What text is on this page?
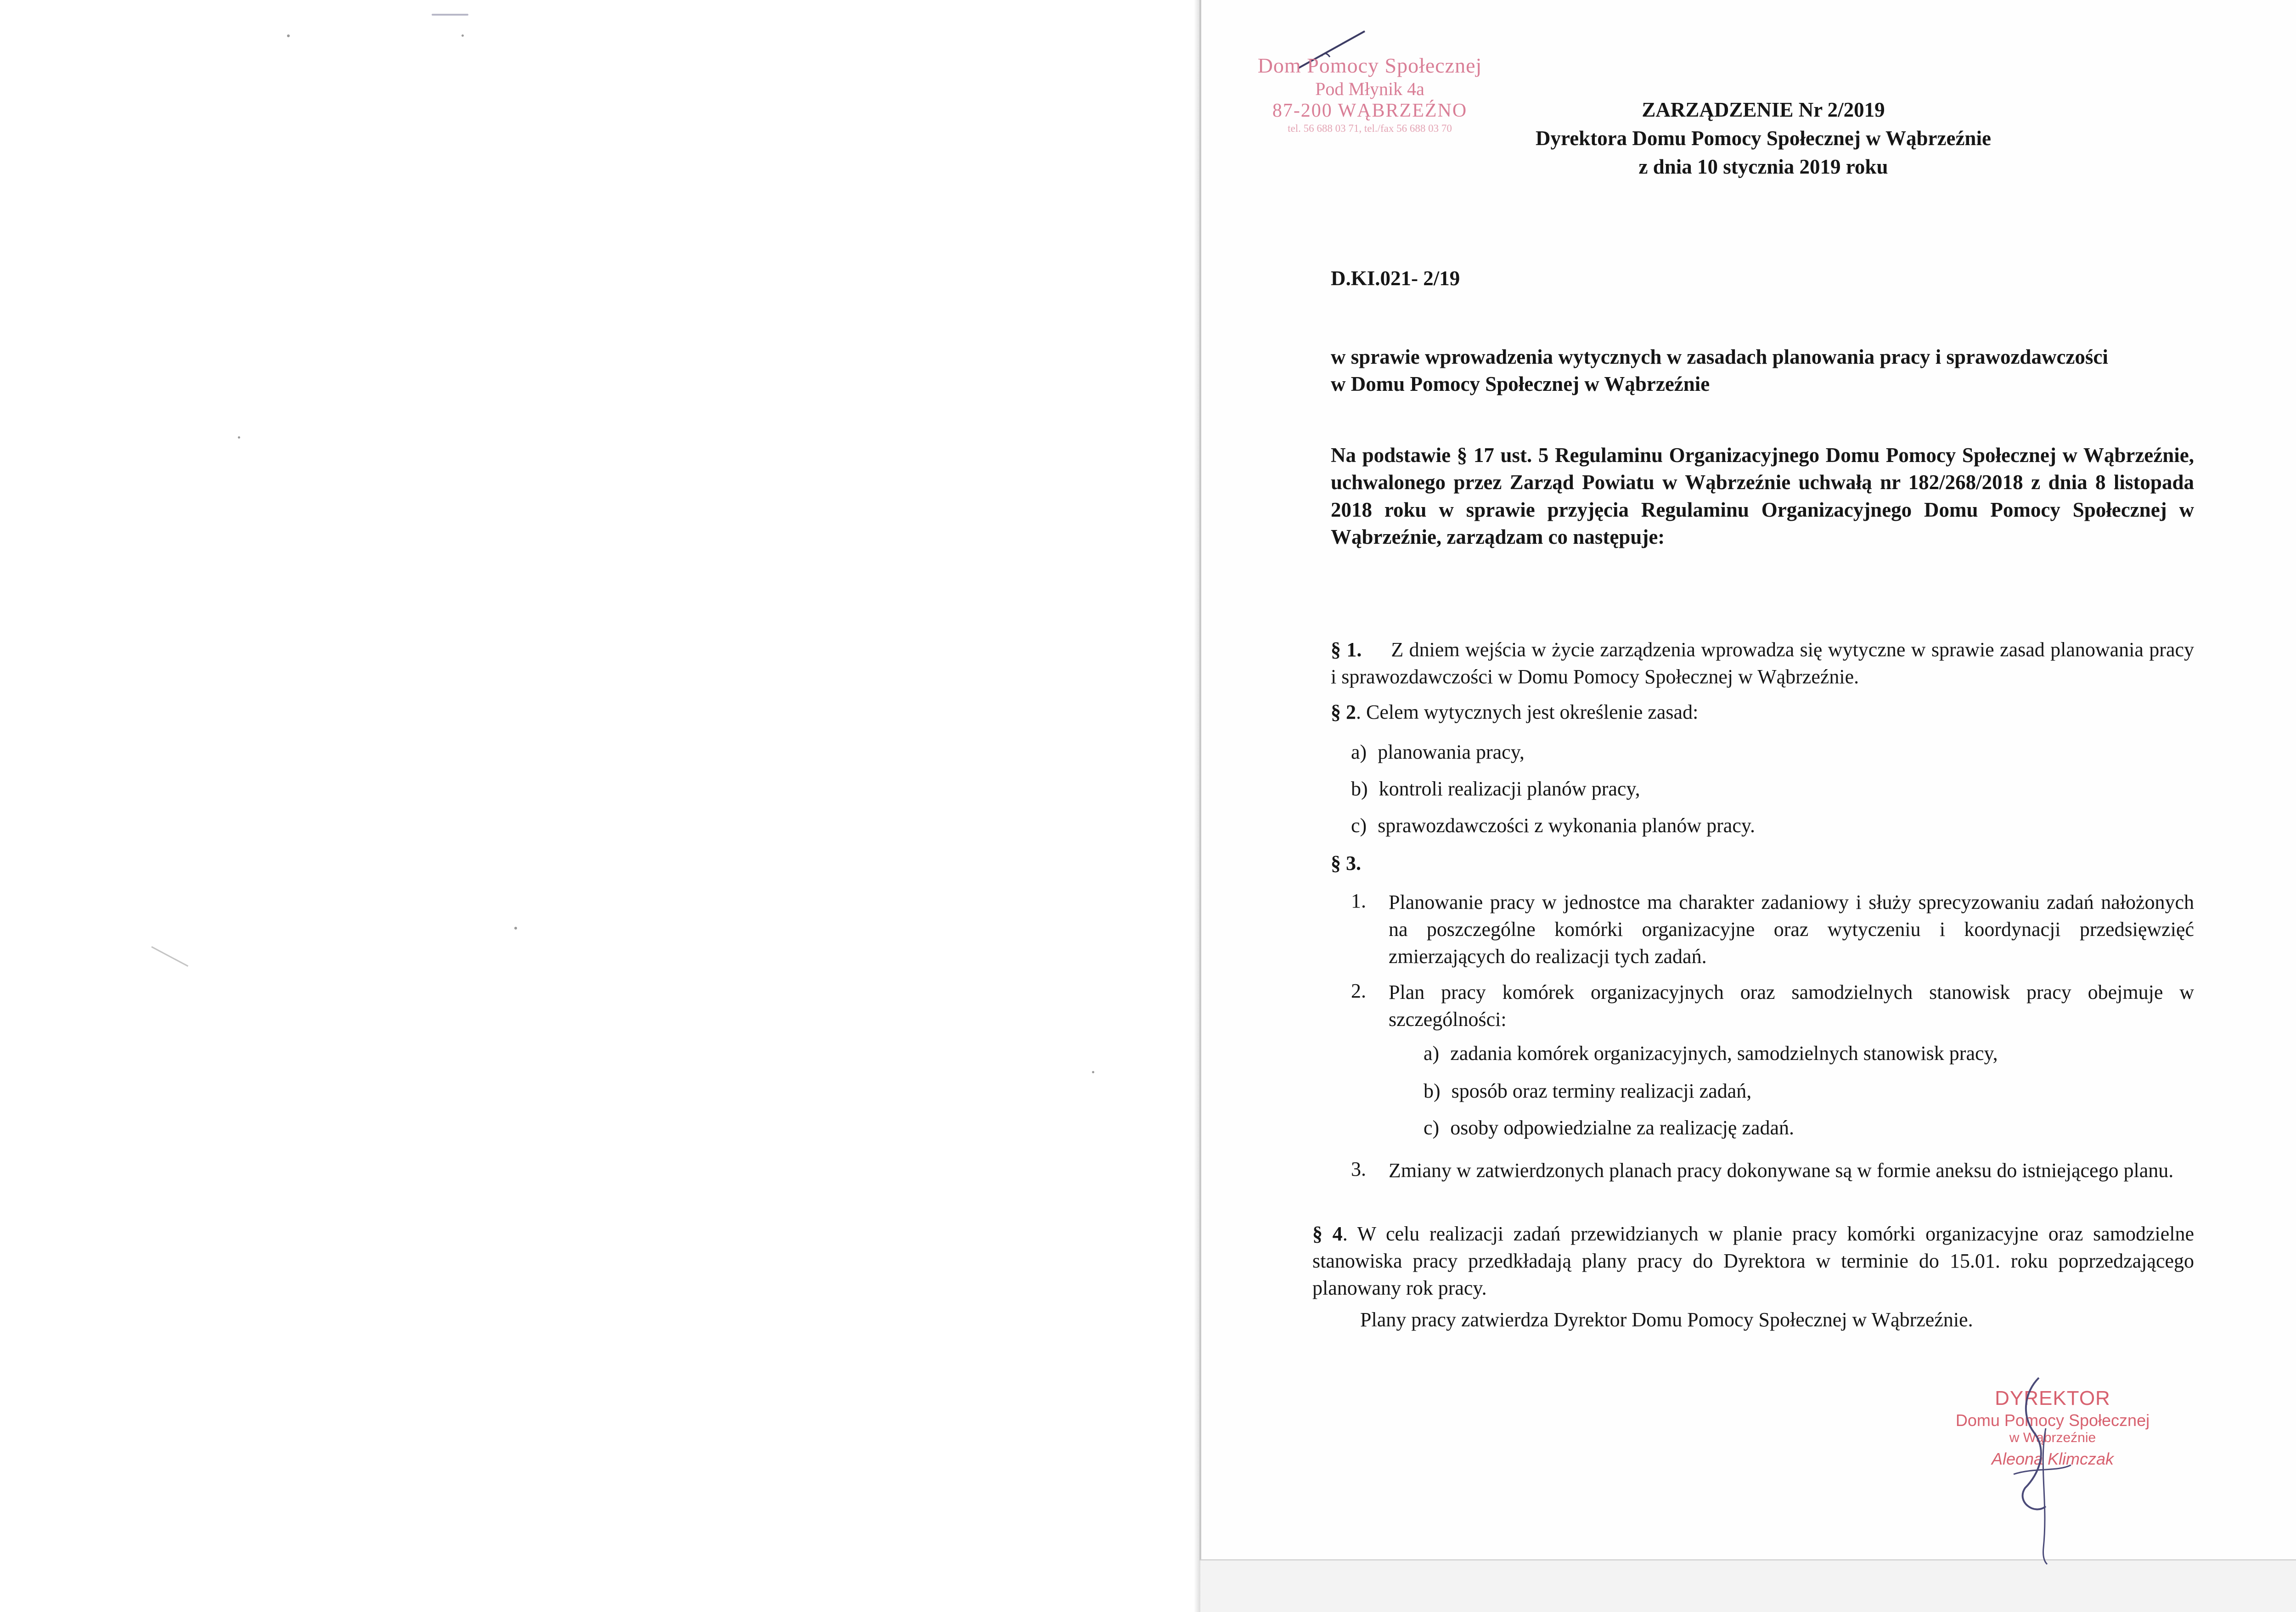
Dom Pomocy Społecznej
Pod Młynik 4a
87-200 WĄBRZEŹNO
tel. 56 688 03 71, tel./fax 56 688 03 70
ZARZĄDZENIE Nr 2/2019
Dyrektora Domu Pomocy Społecznej w Wąbrzeźnie
z dnia 10 stycznia 2019 roku
D.KI.021- 2/19
w sprawie wprowadzenia wytycznych w zasadach planowania pracy i sprawozdawczości
w Domu Pomocy Społecznej w Wąbrzeźnie
Na podstawie § 17 ust. 5 Regulaminu Organizacyjnego Domu Pomocy Społecznej w Wąbrzeźnie, uchwalonego przez Zarząd Powiatu w Wąbrzeźnie uchwałą nr 182/268/2018 z dnia 8 listopada 2018 roku w sprawie przyjęcia Regulaminu Organizacyjnego Domu Pomocy Społecznej w Wąbrzeźnie, zarządzam co następuje:
§ 1. Z dniem wejścia w życie zarządzenia wprowadza się wytyczne w sprawie zasad planowania pracy i sprawozdawczości w Domu Pomocy Społecznej w Wąbrzeźnie.
§ 2. Celem wytycznych jest określenie zasad:
a) planowania pracy,
b) kontroli realizacji planów pracy,
c) sprawozdawczości z wykonania planów pracy.
§ 3.
1. Planowanie pracy w jednostce ma charakter zadaniowy i służy sprecyzowaniu zadań nałożonych na poszczególne komórki organizacyjne oraz wytyczeniu i koordynacji przedsięwzięć zmierzających do realizacji tych zadań.
2. Plan pracy komórek organizacyjnych oraz samodzielnych stanowisk pracy obejmuje w szczególności:
a) zadania komórek organizacyjnych, samodzielnych stanowisk pracy,
b) sposób oraz terminy realizacji zadań,
c) osoby odpowiedzialne za realizację zadań.
3. Zmiany w zatwierdzonych planach pracy dokonywane są w formie aneksu do istniejącego planu.
§ 4. W celu realizacji zadań przewidzianych w planie pracy komórki organizacyjne oraz samodzielne stanowiska pracy przedkładają plany pracy do Dyrektora w terminie do 15.01. roku poprzedzającego planowany rok pracy.
Plany pracy zatwierdza Dyrektor Domu Pomocy Społecznej w Wąbrzeźnie.
DYREKTOR
Domu Pomocy Społecznej
w Wąbrzeźnie
Aleona Klimczak
